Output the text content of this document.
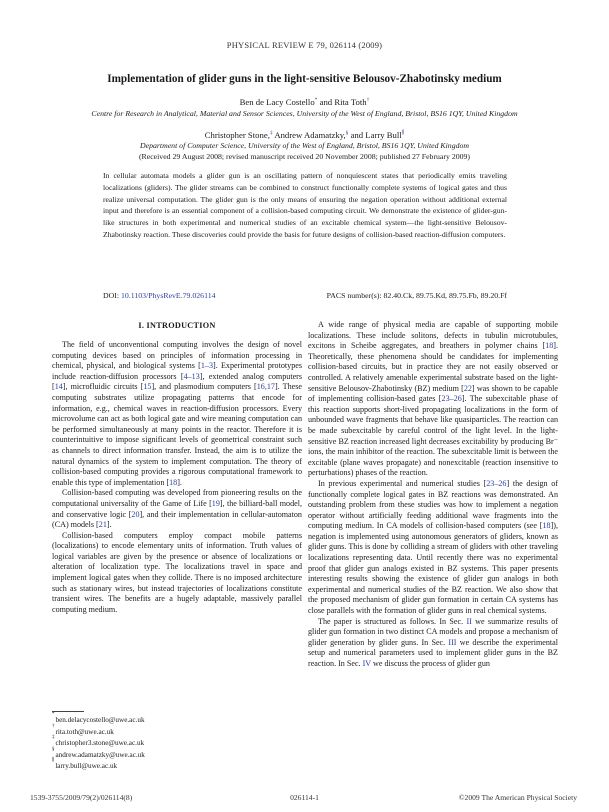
PHYSICAL REVIEW E 79, 026114 (2009)
Implementation of glider guns in the light-sensitive Belousov-Zhabotinsky medium
Ben de Lacy Costello* and Rita Toth†
Centre for Research in Analytical, Material and Sensor Sciences, University of the West of England, Bristol, BS16 1QY, United Kingdom
Christopher Stone,‡ Andrew Adamatzky,§ and Larry Bull∥
Department of Computer Science, University of the West of England, Bristol, BS16 1QY, United Kingdom
(Received 29 August 2008; revised manuscript received 20 November 2008; published 27 February 2009)
In cellular automata models a glider gun is an oscillating pattern of nonquiescent states that periodically emits traveling localizations (gliders). The glider streams can be combined to construct functionally complete systems of logical gates and thus realize universal computation. The glider gun is the only means of ensuring the negation operation without additional external input and therefore is an essential component of a collision-based computing circuit. We demonstrate the existence of glider-gun-like structures in both experimental and numerical studies of an excitable chemical system—the light-sensitive Belousov-Zhabotinsky reaction. These discoveries could provide the basis for future designs of collision-based reaction-diffusion computers.
DOI: 10.1103/PhysRevE.79.026114	PACS number(s): 82.40.Ck, 89.75.Kd, 89.75.Fb, 89.20.Ff
I. INTRODUCTION

The field of unconventional computing involves the design of novel computing devices based on principles of information processing in chemical, physical, and biological systems [1–3]. Experimental prototypes include reaction-diffusion processors [4–13], extended analog computers [14], microfluidic circuits [15], and plasmodium computers [16,17]. These computing substrates utilize propagating patterns that encode for information, e.g., chemical waves in reaction-diffusion processors. Every microvolume can act as both logical gate and wire meaning computation can be performed simultaneously at many points in the reactor. Therefore it is counterintuitive to impose significant levels of geometrical constraint such as channels to direct information transfer. Instead, the aim is to utilize the natural dynamics of the system to implement computation. The theory of collision-based computing provides a rigorous computational framework to enable this type of implementation [18].

Collision-based computing was developed from pioneering results on the computational universality of the Game of Life [19], the billiard-ball model, and conservative logic [20], and their implementation in cellular-automaton (CA) models [21].

Collision-based computers employ compact mobile patterns (localizations) to encode elementary units of information. Truth values of logical variables are given by the presence or absence of localizations or alteration of localization type. The localizations travel in space and implement logical gates when they collide. There is no imposed architecture such as stationary wires, but instead trajectories of localizations constitute transient wires. The benefits are a hugely adaptable, massively parallel computing medium.

A wide range of physical media are capable of supporting mobile localizations. These include solitons, defects in tubulin microtubules, excitons in Scheibe aggregates, and breathers in polymer chains [18]. Theoretically, these phenomena should be candidates for implementing collision-based circuits, but in practice they are not easily observed or controlled. A relatively amenable experimental substrate based on the light-sensitive Belousov-Zhabotinsky (BZ) medium [22] was shown to be capable of implementing collision-based gates [23–26]. The subexcitable phase of this reaction supports short-lived propagating localizations in the form of unbounded wave fragments that behave like quasiparticles. The reaction can be made subexcitable by careful control of the light level. In the light-sensitive BZ reaction increased light decreases excitability by producing Br⁻ ions, the main inhibitor of the reaction. The subexcitable limit is between the excitable (plane waves propagate) and nonexcitable (reaction insensitive to perturbations) phases of the reaction.

In previous experimental and numerical studies [23–26] the design of functionally complete logical gates in BZ reactions was demonstrated. An outstanding problem from these studies was how to implement a negation operator without artificially feeding additional wave fragments into the computing medium. In CA models of collision-based computers (see [18]), negation is implemented using autonomous generators of gliders, known as glider guns. This is done by colliding a stream of gliders with other traveling localizations representing data. Until recently there was no experimental proof that glider gun analogs existed in BZ systems. This paper presents interesting results showing the existence of glider gun analogs in both experimental and numerical studies of the BZ reaction. We also show that the proposed mechanism of glider gun formation in certain CA systems has close parallels with the formation of glider guns in real chemical systems.

The paper is structured as follows. In Sec. II we summarize results of glider gun formation in two distinct CA models and propose a mechanism of glider generation by glider guns. In Sec. III we describe the experimental setup and numerical parameters used to implement glider guns in the BZ reaction. In Sec. IV we discuss the process of glider gun

*ben.delacycostello@uwe.ac.uk
†rita.toth@uwe.ac.uk
‡christopher3.stone@uwe.ac.uk
§andrew.adamatzky@uwe.ac.uk
∥larry.bull@uwe.ac.uk
1539-3755/2009/79(2)/026114(8)	026114-1	©2009 The American Physical Society
